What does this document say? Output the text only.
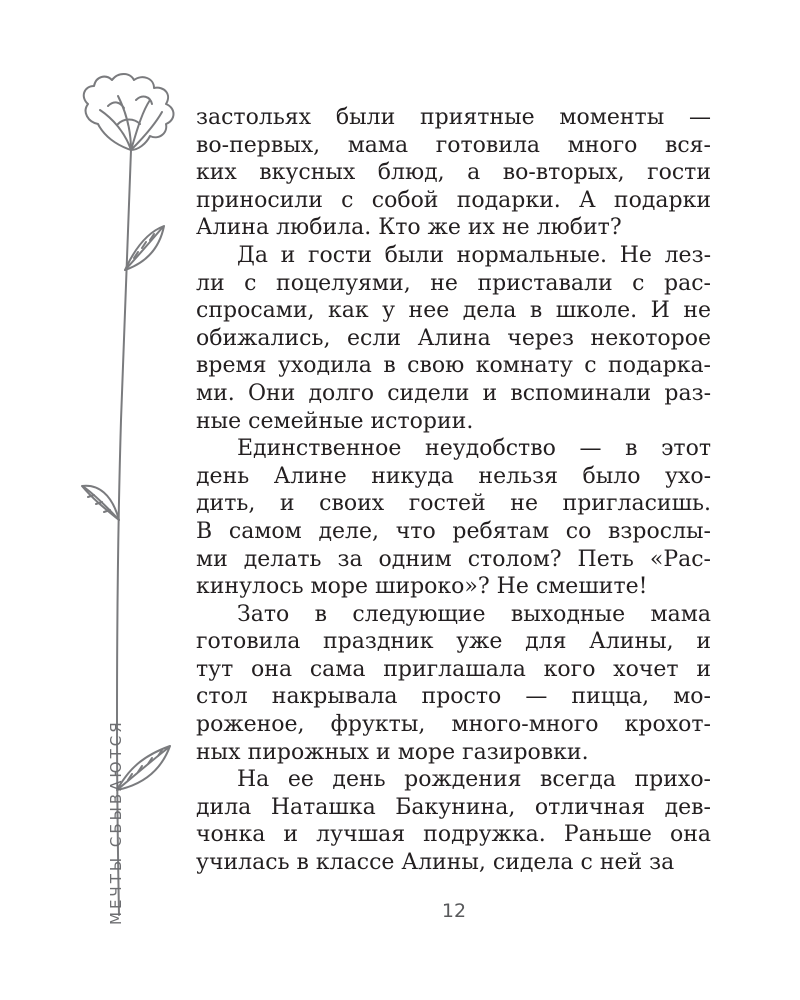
МЕЧТЫ СБЫВАЮТСЯ

застольях были приятные моменты —
во-первых, мама готовила много вся-
ких вкусных блюд, а во-вторых, гости
приносили с собой подарки. А подарки
Алина любила. Кто же их не любит?

Да и гости были нормальные. Не лез-
ли с поцелуями, не приставали с рас-
спросами, как у нее дела в школе. И не
обижались, если Алина через некоторое
время уходила в свою комнату с подарка-
ми. Они долго сидели и вспоминали раз-
ные семейные истории.

Единственное неудобство — в этот
день Алине никуда нельзя было ухо-
дить, и своих гостей не пригласишь.
В самом деле, что ребятам со взрослы-
ми делать за одним столом? Петь «Рас-
кинулось море широко»? Не смешите!

Зато в следующие выходные мама
готовила праздник уже для Алины, и
тут она сама приглашала кого хочет и
стол накрывала просто — пицца, мо-
роженое, фрукты, много-много крохот-
ных пирожных и море газировки.

На ее день рождения всегда прихо-
дила Наташка Бакунина, отличная дев-
чонка и лучшая подружка. Раньше она
училась в классе Алины, сидела с ней за

12
